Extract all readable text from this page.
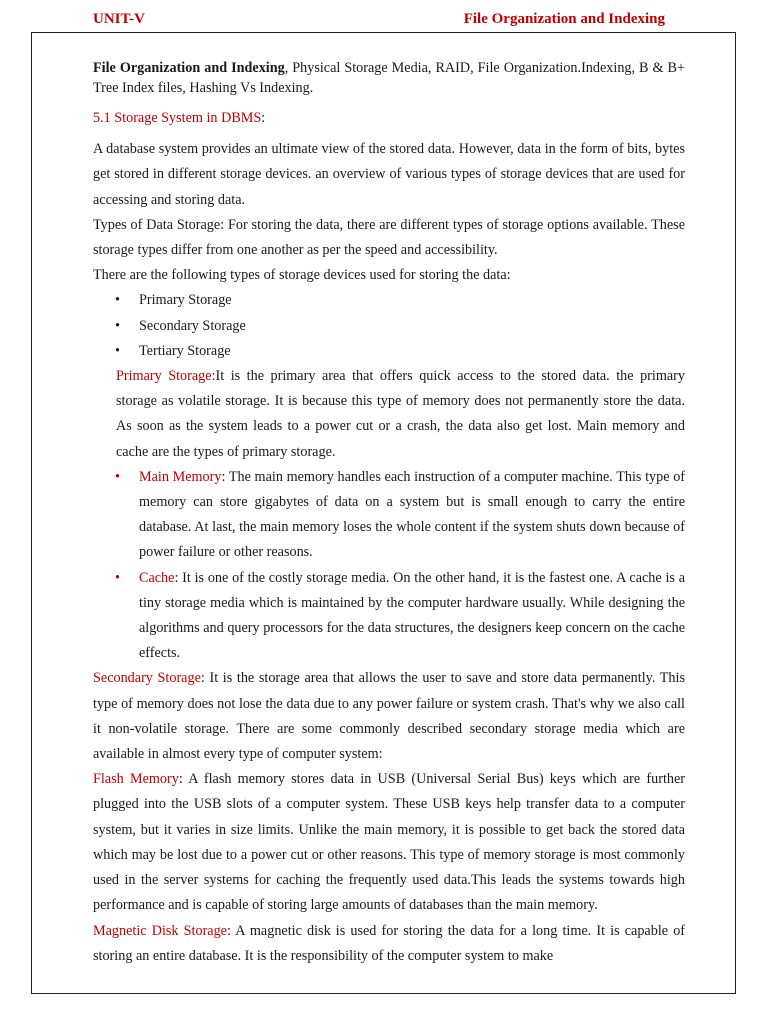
UNIT-V	File Organization and Indexing

File Organization and Indexing, Physical Storage Media, RAID, File Organization.Indexing, B & B+ Tree Index files, Hashing Vs Indexing.

5.1 Storage System in DBMS:

A database system provides an ultimate view of the stored data. However, data in the form of bits, bytes get stored in different storage devices. an overview of various types of storage devices that are used for accessing and storing data.

Types of Data Storage: For storing the data, there are different types of storage options available. These storage types differ from one another as per the speed and accessibility.

There are the following types of storage devices used for storing the data:

• Primary Storage
• Secondary Storage
• Tertiary Storage

Primary Storage:It is the primary area that offers quick access to the stored data. the primary storage as volatile storage. It is because this type of memory does not permanently store the data. As soon as the system leads to a power cut or a crash, the data also get lost. Main memory and cache are the types of primary storage.

• Main Memory: The main memory handles each instruction of a computer machine. This type of memory can store gigabytes of data on a system but is small enough to carry the entire database. At last, the main memory loses the whole content if the system shuts down because of power failure or other reasons.
• Cache: It is one of the costly storage media. On the other hand, it is the fastest one. A cache is a tiny storage media which is maintained by the computer hardware usually. While designing the algorithms and query processors for the data structures, the designers keep concern on the cache effects.

Secondary Storage: It is the storage area that allows the user to save and store data permanently. This type of memory does not lose the data due to any power failure or system crash. That's why we also call it non-volatile storage. There are some commonly described secondary storage media which are available in almost every type of computer system:

Flash Memory: A flash memory stores data in USB (Universal Serial Bus) keys which are further plugged into the USB slots of a computer system. These USB keys help transfer data to a computer system, but it varies in size limits. Unlike the main memory, it is possible to get back the stored data which may be lost due to a power cut or other reasons. This type of memory storage is most commonly used in the server systems for caching the frequently used data.This leads the systems towards high performance and is capable of storing large amounts of databases than the main memory.

Magnetic Disk Storage: A magnetic disk is used for storing the data for a long time. It is capable of storing an entire database. It is the responsibility of the computer system to make
